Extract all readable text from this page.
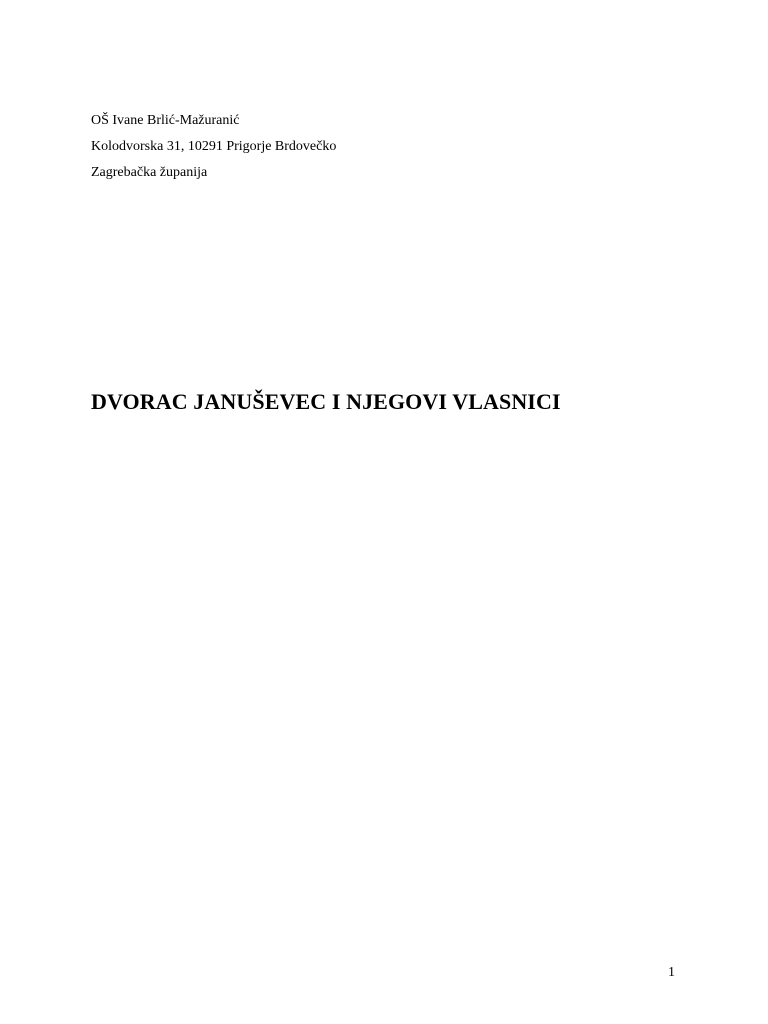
OŠ Ivane Brlić-Mažuranić
Kolodvorska 31, 10291 Prigorje Brdovečko
Zagrebačka županija
DVORAC JANUŠEVEC I NJEGOVI VLASNICI
1
